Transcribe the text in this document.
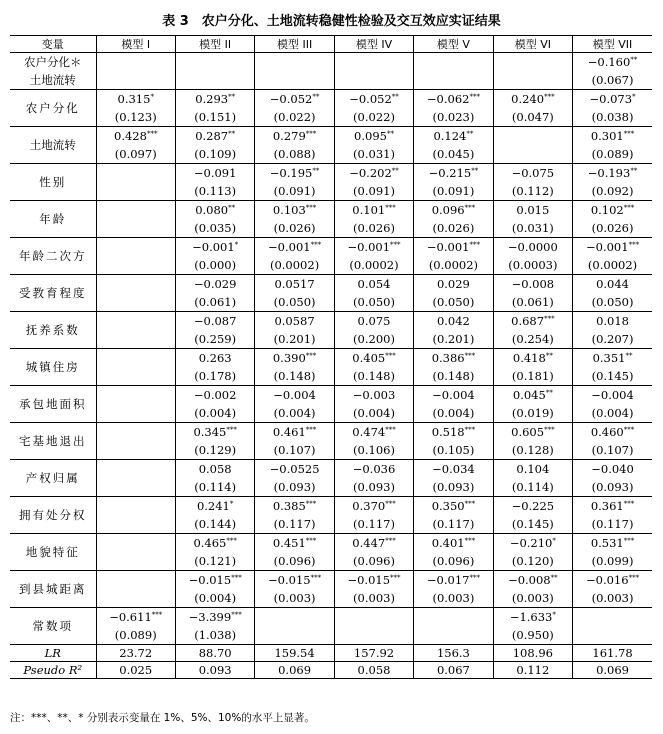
表 3　农户分化、土地流转稳健性检验及交互效应实证结果
变量	模型 I	模型 II	模型 III	模型 IV	模型 V	模型 VI	模型 VII
农户分化＊							−0.160**
土地流转							(0.067)
农户分化	0.315*	0.293**	−0.052**	−0.052**	−0.062***	0.240***	−0.073*
	(0.123)	(0.151)	(0.022)	(0.022)	(0.023)	(0.047)	(0.038)
土地流转	0.428***	0.287**	0.279***	0.095**	0.124**		0.301***
	(0.097)	(0.109)	(0.088)	(0.031)	(0.045)		(0.089)
性别		−0.091	−0.195**	−0.202**	−0.215**	−0.075	−0.193**
		(0.113)	(0.091)	(0.091)	(0.091)	(0.112)	(0.092)
年龄		0.080**	0.103***	0.101***	0.096***	0.015	0.102***
		(0.035)	(0.026)	(0.026)	(0.026)	(0.031)	(0.026)
年龄二次方		−0.001*	−0.001***	−0.001***	−0.001***	−0.0000	−0.001***
		(0.000)	(0.0002)	(0.0002)	(0.0002)	(0.0003)	(0.0002)
受教育程度		−0.029	0.0517	0.054	0.029	−0.008	0.044
		(0.061)	(0.050)	(0.050)	(0.050)	(0.061)	(0.050)
抚养系数		−0.087	0.0587	0.075	0.042	0.687***	0.018
		(0.259)	(0.201)	(0.200)	(0.201)	(0.254)	(0.207)
城镇住房		0.263	0.390***	0.405***	0.386***	0.418**	0.351**
		(0.178)	(0.148)	(0.148)	(0.148)	(0.181)	(0.145)
承包地面积		−0.002	−0.004	−0.003	−0.004	0.045**	−0.004
		(0.004)	(0.004)	(0.004)	(0.004)	(0.019)	(0.004)
宅基地退出		0.345***	0.461***	0.474***	0.518***	0.605***	0.460***
		(0.129)	(0.107)	(0.106)	(0.105)	(0.128)	(0.107)
产权归属		0.058	−0.0525	−0.036	−0.034	0.104	−0.040
		(0.114)	(0.093)	(0.093)	(0.093)	(0.114)	(0.093)
拥有处分权		0.241*	0.385***	0.370***	0.350***	−0.225	0.361***
		(0.144)	(0.117)	(0.117)	(0.117)	(0.145)	(0.117)
地貌特征		0.465***	0.451***	0.447***	0.401***	−0.210*	0.531***
		(0.121)	(0.096)	(0.096)	(0.096)	(0.120)	(0.099)
到县城距离		−0.015***	−0.015***	−0.015***	−0.017***	−0.008**	−0.016***
		(0.004)	(0.003)	(0.003)	(0.003)	(0.003)	(0.003)
常数项	−0.611***	−3.399***				−1.633*	
	(0.089)	(1.038)				(0.950)	
LR	23.72	88.70	159.54	157.92	156.3	108.96	161.78
Pseudo R²	0.025	0.093	0.069	0.058	0.067	0.112	0.069
注：***、**、* 分别表示变量在 1%、5%、10%的水平上显著。
